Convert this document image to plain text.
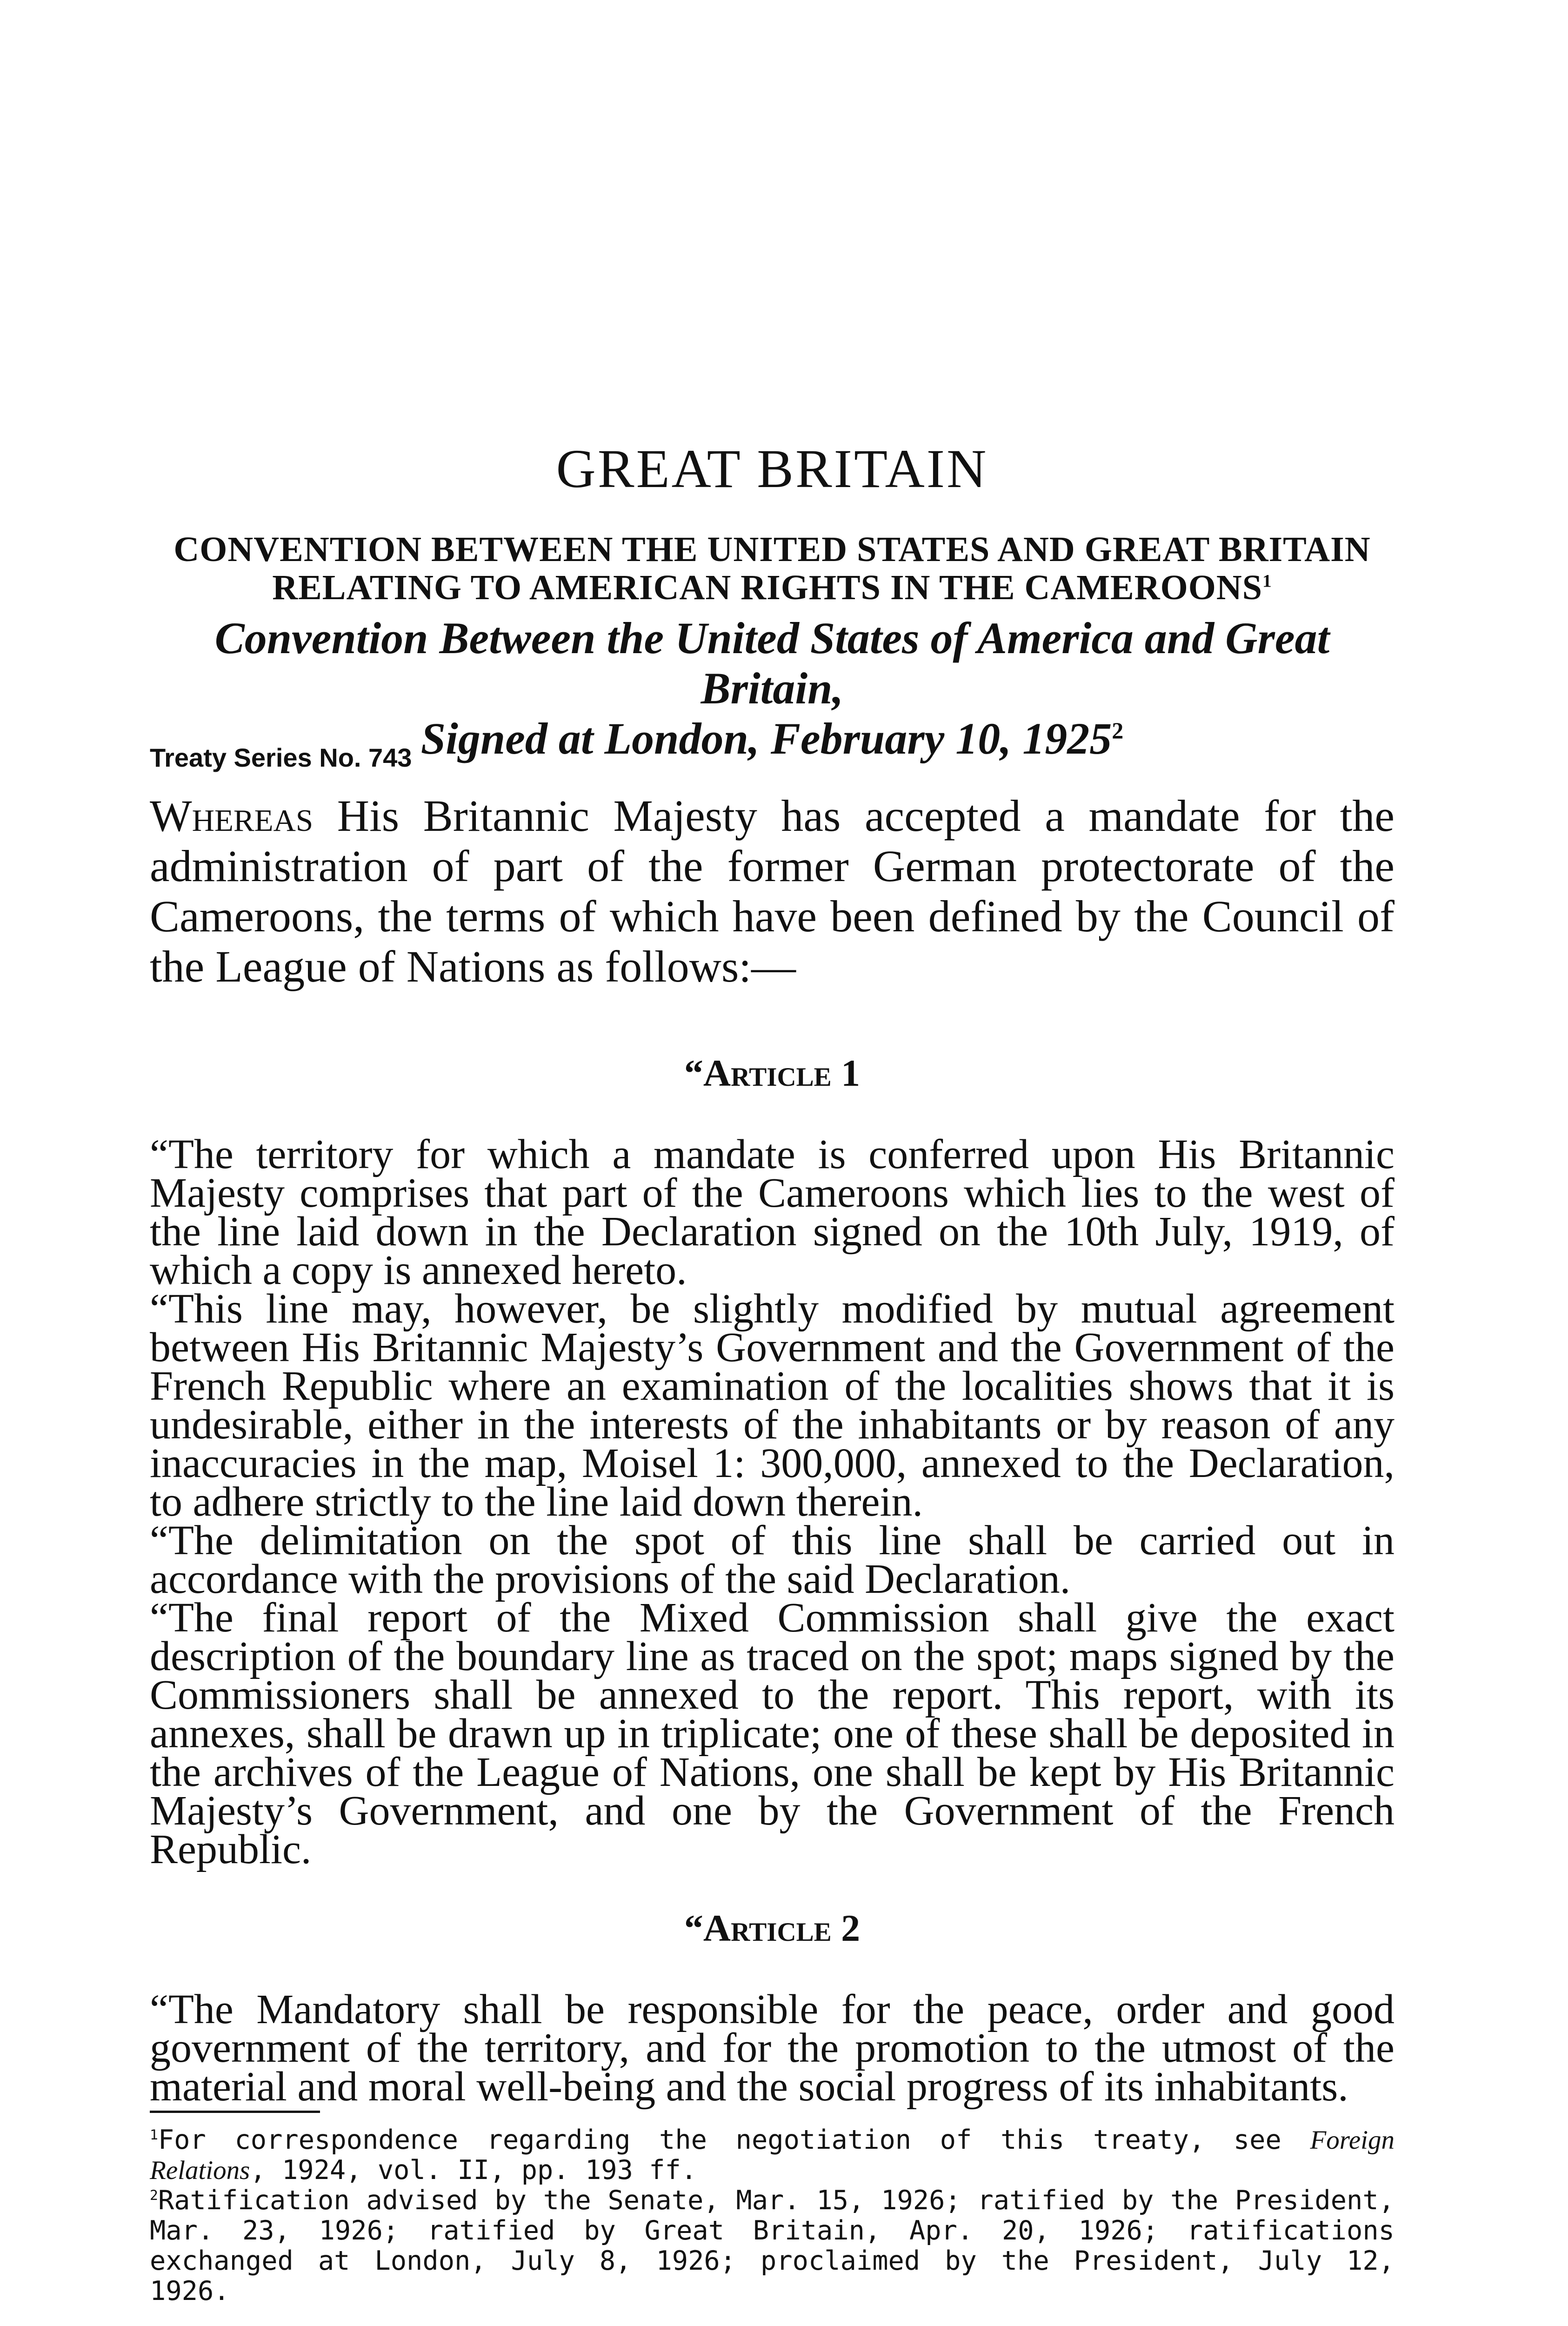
GREAT BRITAIN
CONVENTION BETWEEN THE UNITED STATES AND GREAT BRITAIN
RELATING TO AMERICAN RIGHTS IN THE CAMEROONS$^1$
Convention Between the United States of America and Great Britain,
Signed at London, February 10, 1925$^2$

Treaty Series No. 743

Whereas His Britannic Majesty has accepted a mandate for the administration of part of the former German protectorate of the Cameroons, the terms of which have been defined by the Council of the League of Nations as follows:—

“Article 1

“The territory for which a mandate is conferred upon His Britannic Majesty comprises that part of the Cameroons which lies to the west of the line laid down in the Declaration signed on the 10th July, 1919, of which a copy is annexed hereto.

“This line may, however, be slightly modified by mutual agreement between His Britannic Majesty’s Government and the Government of the French Republic where an examination of the localities shows that it is undesirable, either in the interests of the inhabitants or by reason of any inaccuracies in the map, Moisel 1: 300,000, annexed to the Declaration, to adhere strictly to the line laid down therein.

“The delimitation on the spot of this line shall be carried out in accordance with the provisions of the said Declaration.

“The final report of the Mixed Commission shall give the exact description of the boundary line as traced on the spot; maps signed by the Commissioners shall be annexed to the report. This report, with its annexes, shall be drawn up in triplicate; one of these shall be deposited in the archives of the League of Nations, one shall be kept by His Britannic Majesty’s Government, and one by the Government of the French Republic.

“Article 2

“The Mandatory shall be responsible for the peace, order and good government of the territory, and for the promotion to the utmost of the material and moral well-being and the social progress of its inhabitants.

$^1$For correspondence regarding the negotiation of this treaty, see Foreign Relations, 1924, vol. II, pp. 193 ff.

$^2$Ratification advised by the Senate, Mar. 15, 1926; ratified by the President, Mar. 23, 1926; ratified by Great Britain, Apr. 20, 1926; ratifications exchanged at London, July 8, 1926; proclaimed by the President, July 12, 1926.
